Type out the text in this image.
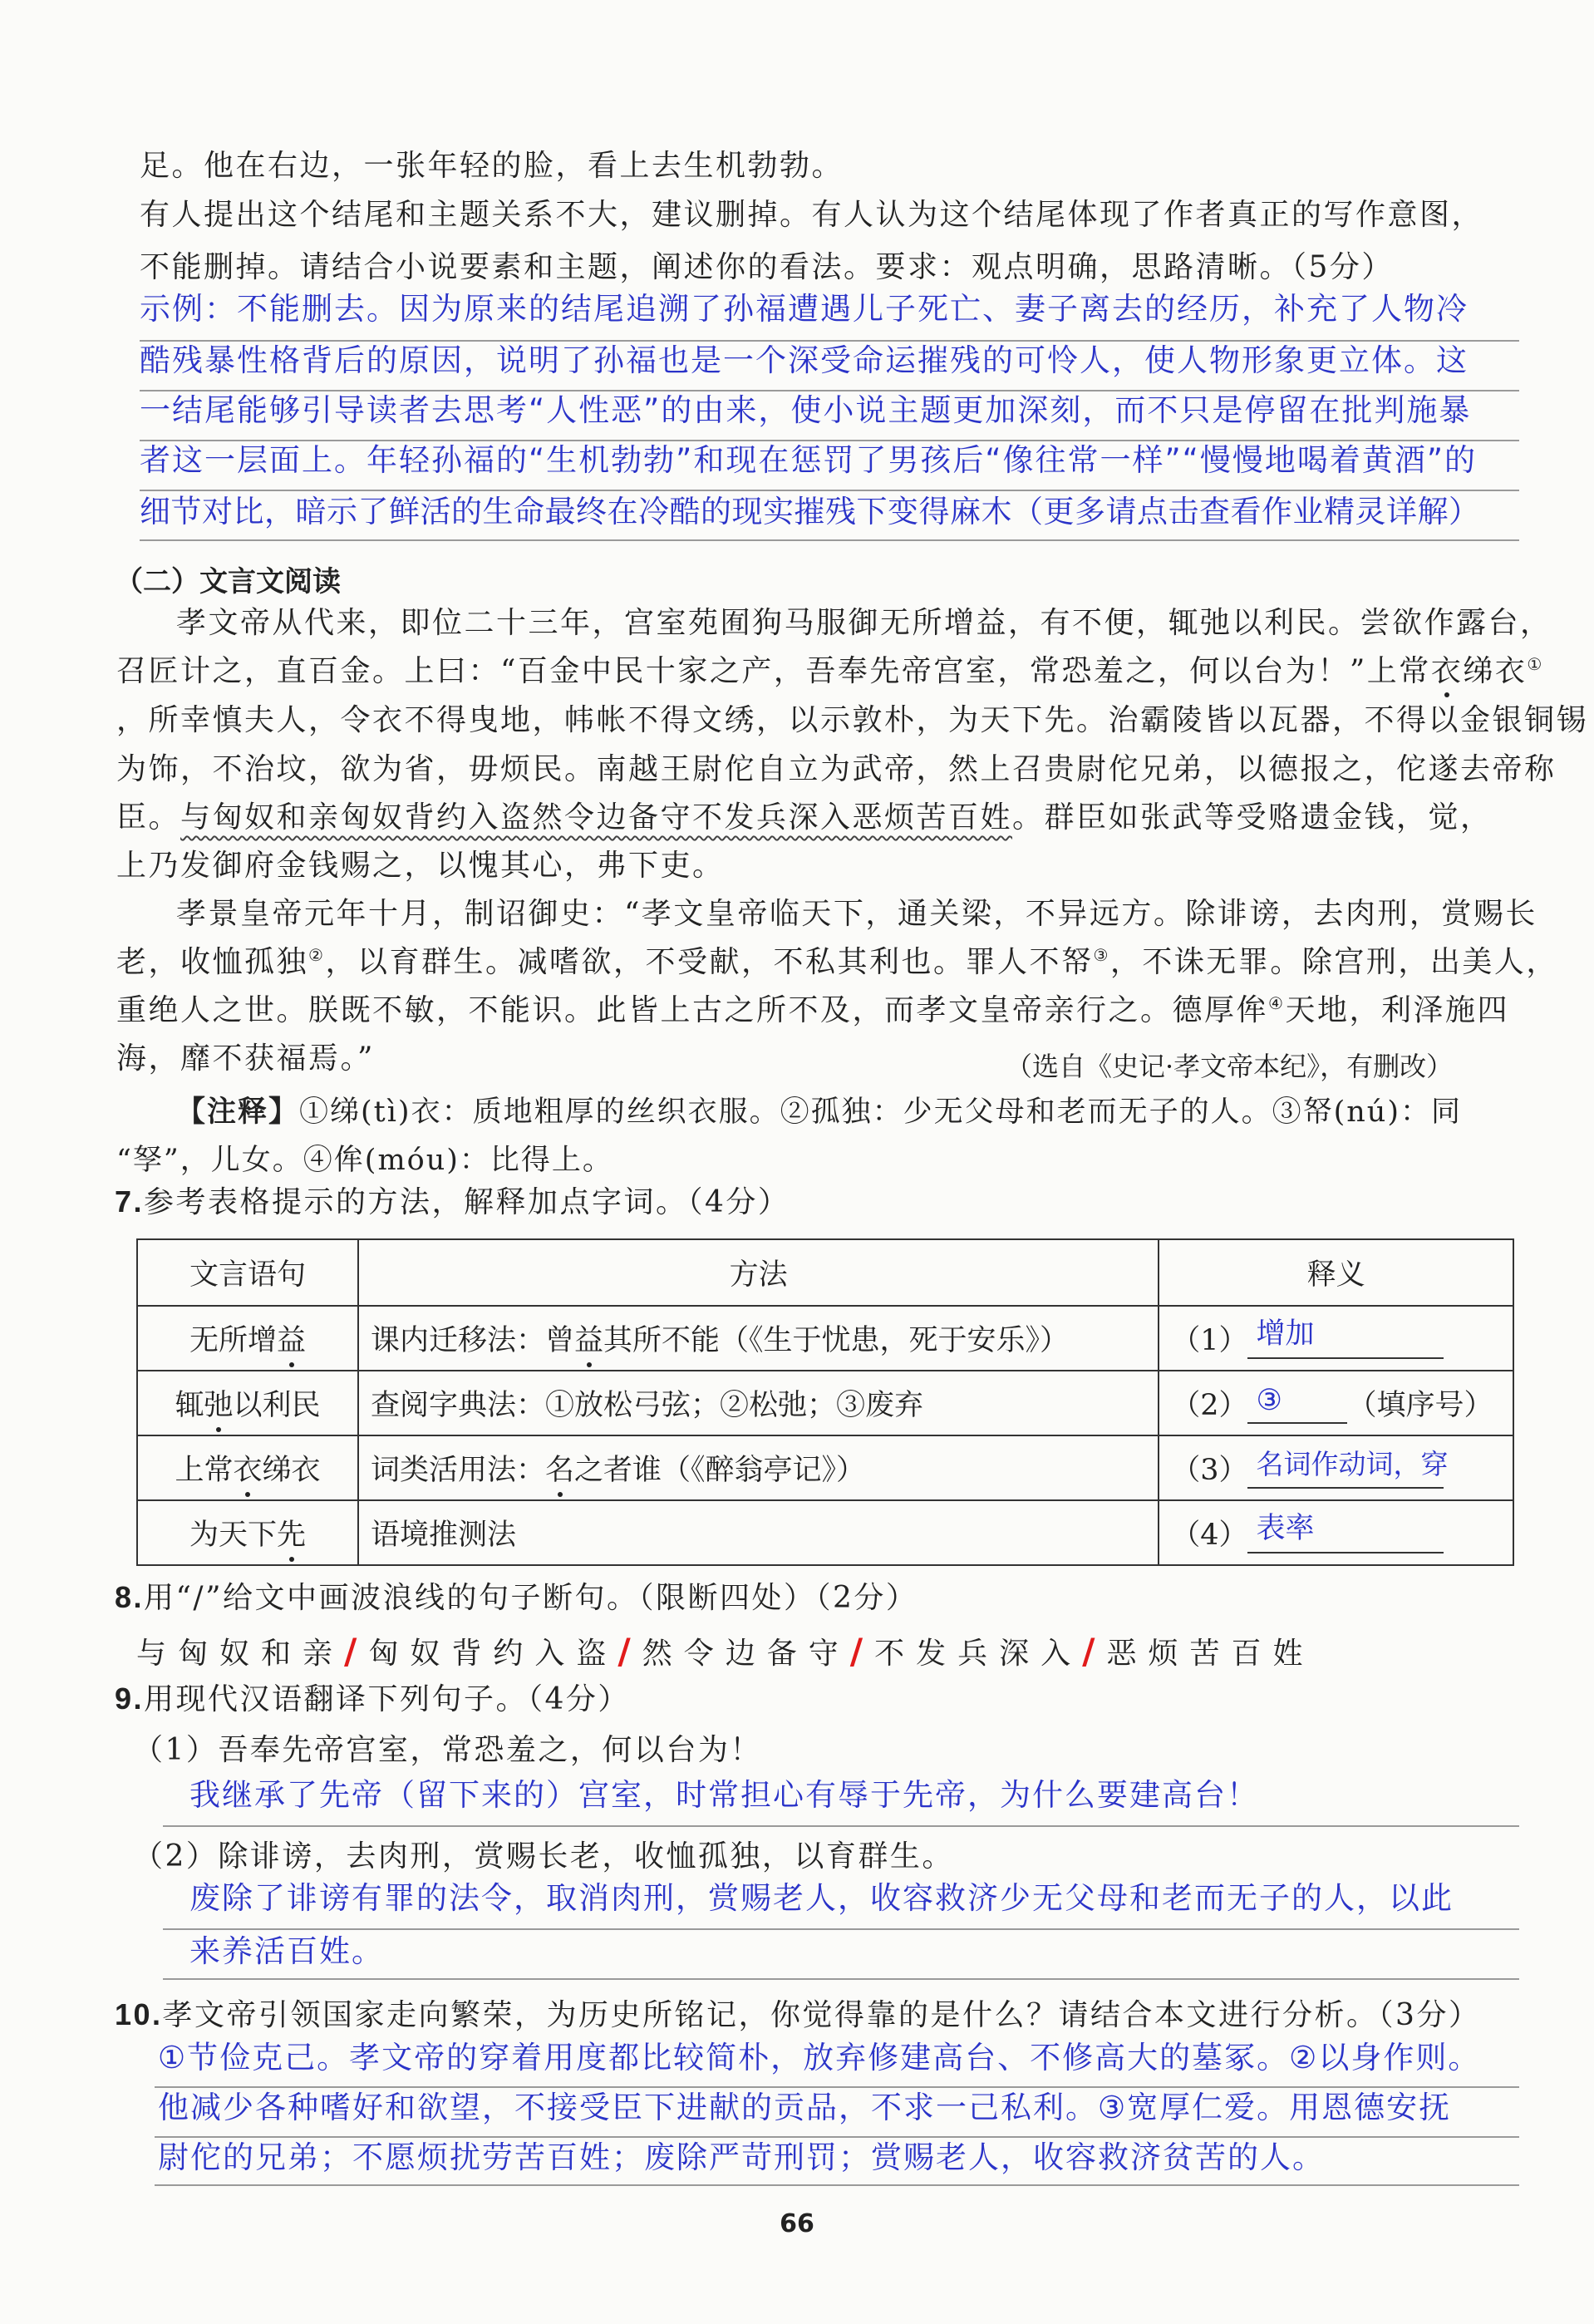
足。他在右边，一张年轻的脸，看上去生机勃勃。
有人提出这个结尾和主题关系不大，建议删掉。有人认为这个结尾体现了作者真正的写作意图，
不能删掉。请结合小说要素和主题，阐述你的看法。要求：观点明确，思路清晰。（5分）
示例：不能删去。因为原来的结尾追溯了孙福遭遇儿子死亡、妻子离去的经历，补充了人物冷
酷残暴性格背后的原因，说明了孙福也是一个深受命运摧残的可怜人，使人物形象更立体。这
一结尾能够引导读者去思考“人性恶”的由来，使小说主题更加深刻，而不只是停留在批判施暴
者这一层面上。年轻孙福的“生机勃勃”和现在惩罚了男孩后“像往常一样”“慢慢地喝着黄酒”的
细节对比，暗示了鲜活的生命最终在冷酷的现实摧残下变得麻木（更多请点击查看作业精灵详解）
（二）文言文阅读
孝文帝从代来，即位二十三年，宫室苑囿狗马服御无所增益，有不便，辄弛以利民。尝欲作露台，
召匠计之，直百金。上曰：“百金中民十家之产，吾奉先帝宫室，常恐羞之，何以台为！”上常衣绨衣①
，所幸慎夫人，令衣不得曳地，帏帐不得文绣，以示敦朴，为天下先。治霸陵皆以瓦器，不得以金银铜锡
为饰，不治坟，欲为省，毋烦民。南越王尉佗自立为武帝，然上召贵尉佗兄弟，以德报之，佗遂去帝称
臣。与匈奴和亲匈奴背约入盗然令边备守不发兵深入恶烦苦百姓。群臣如张武等受赂遗金钱，觉，
上乃发御府金钱赐之，以愧其心，弗下吏。
孝景皇帝元年十月，制诏御史：“孝文皇帝临天下，通关梁，不异远方。除诽谤，去肉刑，赏赐长
老，收恤孤独②，以育群生。减嗜欲，不受献，不私其利也。罪人不帑③，不诛无罪。除宫刑，出美人，
重绝人之世。朕既不敏，不能识。此皆上古之所不及，而孝文皇帝亲行之。德厚侔④天地，利泽施四
海，靡不获福焉。”	（选自《史记·孝文帝本纪》，有删改）
【注释】①绨(tì)衣：质地粗厚的丝织衣服。②孤独：少无父母和老而无子的人。③帑(nú)：同
“孥”，儿女。④侔(móu)：比得上。
7.参考表格提示的方法，解释加点字词。（4分）
文言语句	方法	释义
无所增益	课内迁移法：曾益其所不能（《生于忧患，死于安乐》）	（1） 增加

辄弛以利民	查阅字典法：①放松弓弦；②松弛；③废弃	（2） ③ （填序号）
上常衣绨衣	词类活用法：名之者谁（《醉翁亭记》）	（3） 名词作动词，穿

为天下先	语境推测法	（4） 表率
8.用“/”给文中画波浪线的句子断句。（限断四处）（2分）
与匈奴和亲/匈奴背约入盗/然令边备守/不发兵深入/恶烦苦百姓
9.用现代汉语翻译下列句子。（4分）
（1）吾奉先帝宫室，常恐羞之，何以台为！
我继承了先帝（留下来的）宫室，时常担心有辱于先帝，为什么要建高台！
（2）除诽谤，去肉刑，赏赐长老，收恤孤独，以育群生。
废除了诽谤有罪的法令，取消肉刑，赏赐老人，收容救济少无父母和老而无子的人，以此
来养活百姓。
10.孝文帝引领国家走向繁荣，为历史所铭记，你觉得靠的是什么？请结合本文进行分析。（3分）
①节俭克己。孝文帝的穿着用度都比较简朴，放弃修建高台、不修高大的墓冢。②以身作则。
他减少各种嗜好和欲望，不接受臣下进献的贡品，不求一己私利。③宽厚仁爱。用恩德安抚
尉佗的兄弟；不愿烦扰劳苦百姓；废除严苛刑罚；赏赐老人，收容救济贫苦的人。
66
